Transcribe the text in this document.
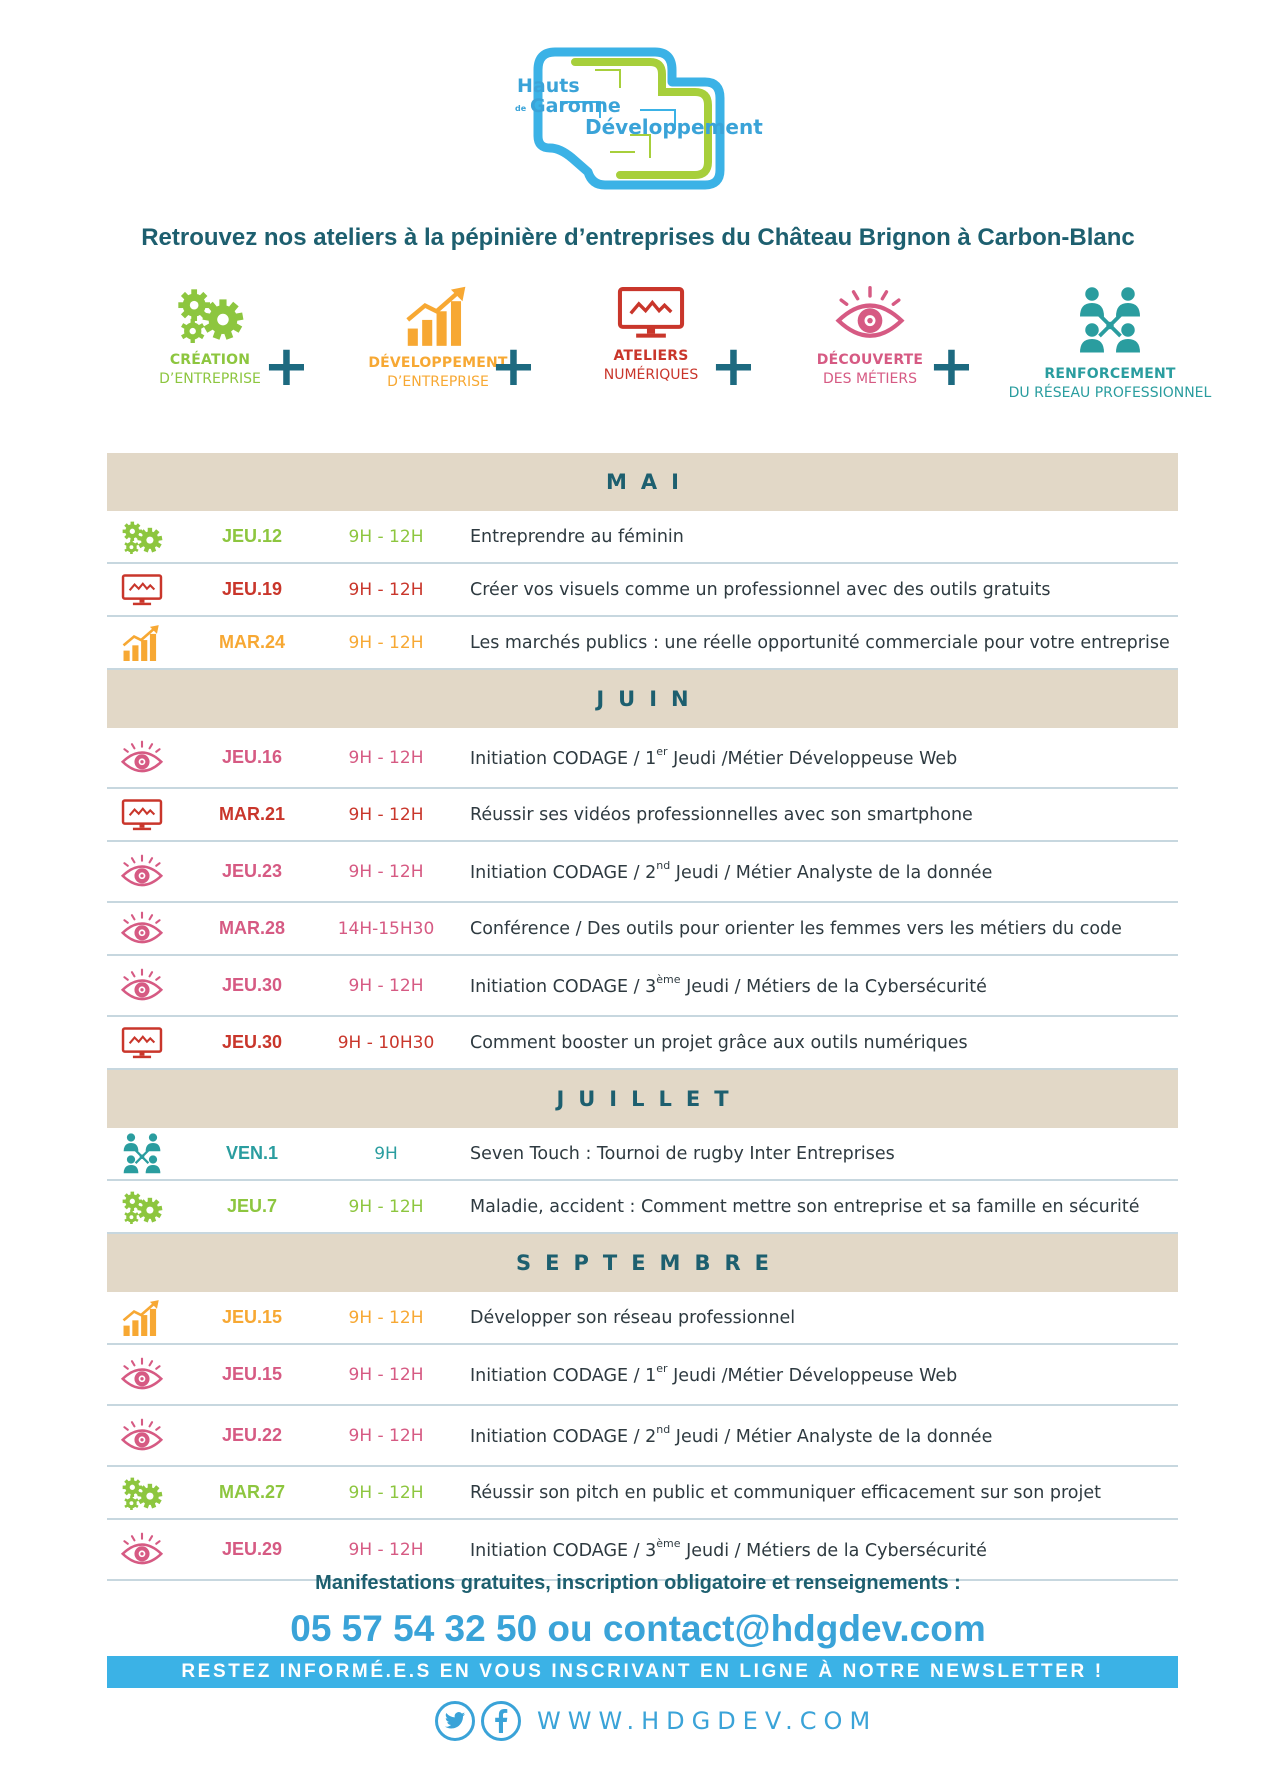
Hauts
de Garonne
Développement
Retrouvez nos ateliers à la pépinière d’entreprises du Château Brignon à Carbon-Blanc
CRÉATION
D’ENTREPRISE +	DÉVELOPPEMENT
D’ENTREPRISE +	ATELIERS
NUMÉRIQUES +	DÉCOUVERTE
DES MÉTIERS +	RENFORCEMENT
DU RÉSEAU PROFESSIONNEL
MAI
JEU.12	9H - 12H	Entreprendre au féminin
JEU.19	9H - 12H	Créer vos visuels comme un professionnel avec des outils gratuits
MAR.24	9H - 12H	Les marchés publics : une réelle opportunité commerciale pour votre entreprise
JUIN
JEU.16	9H - 12H	Initiation CODAGE / 1er Jeudi /Métier Développeuse Web
MAR.21	9H - 12H	Réussir ses vidéos professionnelles avec son smartphone
JEU.23	9H - 12H	Initiation CODAGE / 2nd Jeudi / Métier Analyste de la donnée
MAR.28	14H-15H30	Conférence / Des outils pour orienter les femmes vers les métiers du code
JEU.30	9H - 12H	Initiation CODAGE / 3ème Jeudi / Métiers de la Cybersécurité
JEU.30	9H - 10H30	Comment booster un projet grâce aux outils numériques
JUILLET
VEN.1	9H	Seven Touch : Tournoi de rugby Inter Entreprises
JEU.7	9H - 12H	Maladie, accident : Comment mettre son entreprise et sa famille en sécurité
SEPTEMBRE
JEU.15	9H - 12H	Développer son réseau professionnel
JEU.15	9H - 12H	Initiation CODAGE / 1er Jeudi /Métier Développeuse Web
JEU.22	9H - 12H	Initiation CODAGE / 2nd Jeudi / Métier Analyste de la donnée
MAR.27	9H - 12H	Réussir son pitch en public et communiquer efficacement sur son projet
JEU.29	9H - 12H	Initiation CODAGE / 3ème Jeudi / Métiers de la Cybersécurité
Manifestations gratuites, inscription obligatoire et renseignements :
05 57 54 32 50 ou contact@hdgdev.com
RESTEZ INFORMÉ.E.S EN VOUS INSCRIVANT EN LIGNE À NOTRE NEWSLETTER !
WWW.HDGDEV.COM
